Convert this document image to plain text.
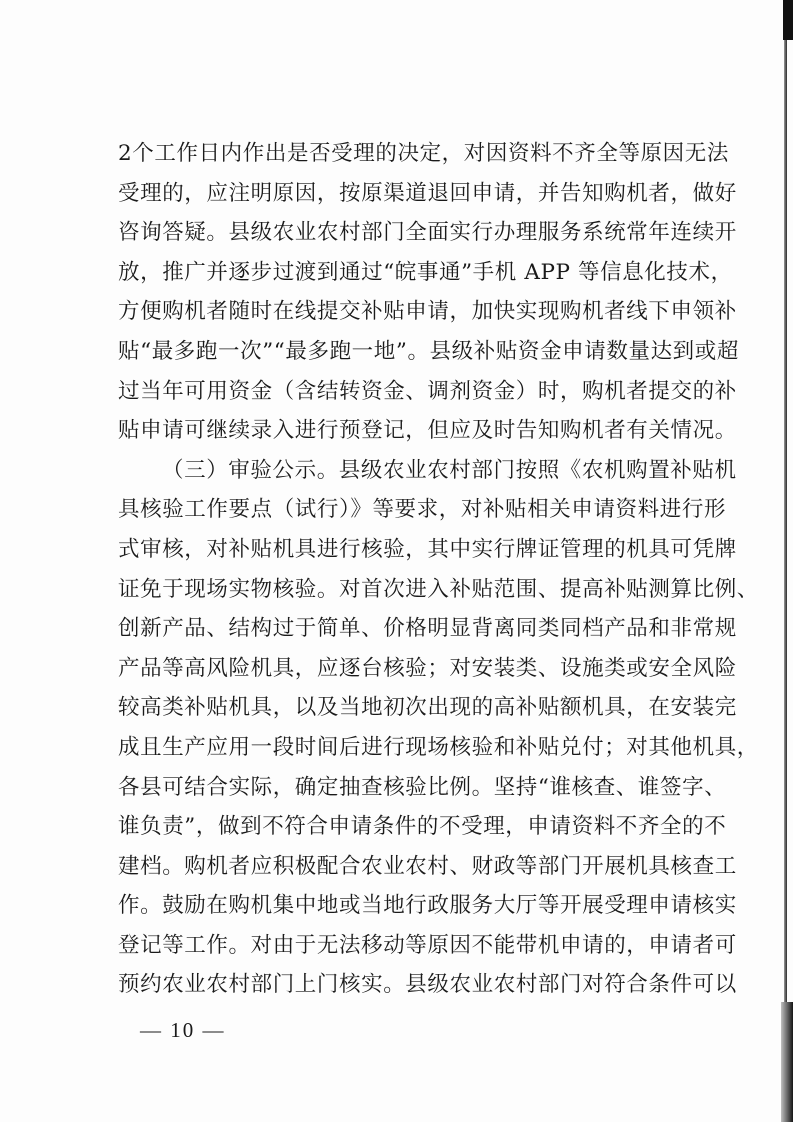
2个工作日内作出是否受理的决定，对因资料不齐全等原因无法
受理的，应注明原因，按原渠道退回申请，并告知购机者，做好
咨询答疑。县级农业农村部门全面实行办理服务系统常年连续开
放，推广并逐步过渡到通过“皖事通”手机 APP 等信息化技术，
方便购机者随时在线提交补贴申请，加快实现购机者线下申领补
贴“最多跑一次”“最多跑一地”。县级补贴资金申请数量达到或超
过当年可用资金（含结转资金、调剂资金）时，购机者提交的补
贴申请可继续录入进行预登记，但应及时告知购机者有关情况。
（三）审验公示。县级农业农村部门按照《农机购置补贴机
具核验工作要点（试行）》等要求，对补贴相关申请资料进行形
式审核，对补贴机具进行核验，其中实行牌证管理的机具可凭牌
证免于现场实物核验。对首次进入补贴范围、提高补贴测算比例、
创新产品、结构过于简单、价格明显背离同类同档产品和非常规
产品等高风险机具，应逐台核验；对安装类、设施类或安全风险
较高类补贴机具，以及当地初次出现的高补贴额机具，在安装完
成且生产应用一段时间后进行现场核验和补贴兑付；对其他机具，
各县可结合实际，确定抽查核验比例。坚持“谁核查、谁签字、
谁负责”，做到不符合申请条件的不受理，申请资料不齐全的不
建档。购机者应积极配合农业农村、财政等部门开展机具核查工
作。鼓励在购机集中地或当地行政服务大厅等开展受理申请核实
登记等工作。对由于无法移动等原因不能带机申请的，申请者可
预约农业农村部门上门核实。县级农业农村部门对符合条件可以
— 10 —
